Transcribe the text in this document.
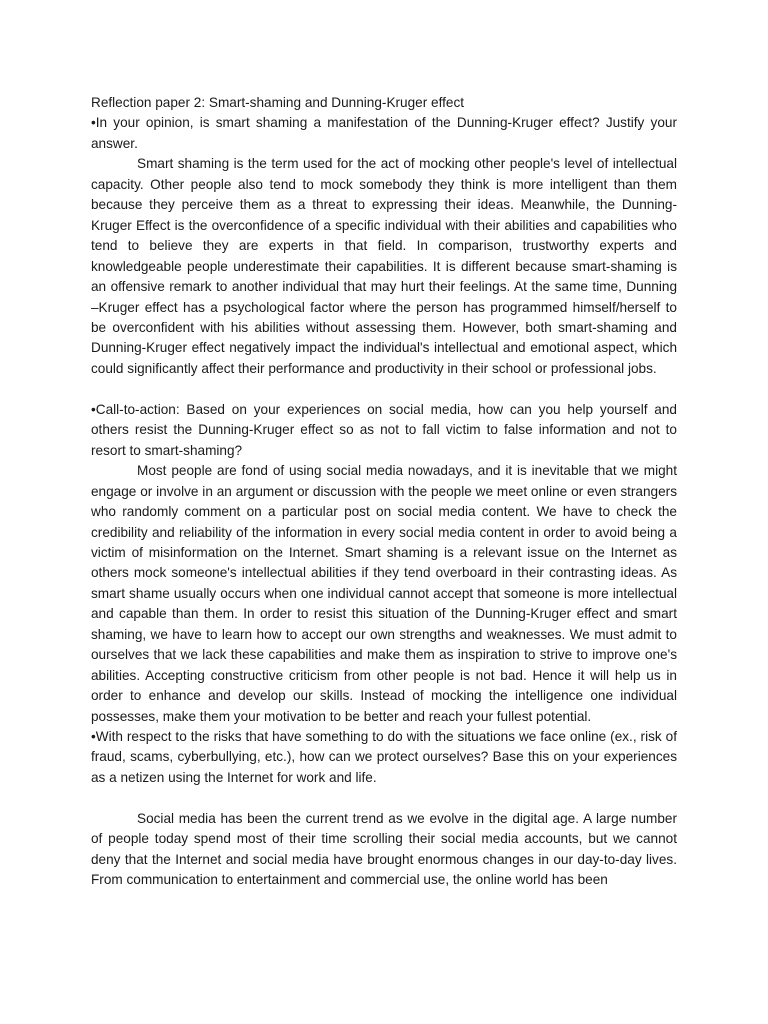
Reflection paper 2: Smart-shaming and Dunning-Kruger effect

•In your opinion, is smart shaming a manifestation of the Dunning-Kruger effect? Justify your answer.

Smart shaming is the term used for the act of mocking other people's level of intellectual capacity. Other people also tend to mock somebody they think is more intelligent than them because they perceive them as a threat to expressing their ideas. Meanwhile, the Dunning-Kruger Effect is the overconfidence of a specific individual with their abilities and capabilities who tend to believe they are experts in that field. In comparison, trustworthy experts and knowledgeable people underestimate their capabilities. It is different because smart-shaming is an offensive remark to another individual that may hurt their feelings. At the same time, Dunning –Kruger effect has a psychological factor where the person has programmed himself/herself to be overconfident with his abilities without assessing them. However, both smart-shaming and Dunning-Kruger effect negatively impact the individual's intellectual and emotional aspect, which could significantly affect their performance and productivity in their school or professional jobs.

•Call-to-action: Based on your experiences on social media, how can you help yourself and others resist the Dunning-Kruger effect so as not to fall victim to false information and not to resort to smart-shaming?

Most people are fond of using social media nowadays, and it is inevitable that we might engage or involve in an argument or discussion with the people we meet online or even strangers who randomly comment on a particular post on social media content. We have to check the credibility and reliability of the information in every social media content in order to avoid being a victim of misinformation on the Internet. Smart shaming is a relevant issue on the Internet as others mock someone's intellectual abilities if they tend overboard in their contrasting ideas. As smart shame usually occurs when one individual cannot accept that someone is more intellectual and capable than them. In order to resist this situation of the Dunning-Kruger effect and smart shaming, we have to learn how to accept our own strengths and weaknesses. We must admit to ourselves that we lack these capabilities and make them as inspiration to strive to improve one's abilities. Accepting constructive criticism from other people is not bad. Hence it will help us in order to enhance and develop our skills. Instead of mocking the intelligence one individual possesses, make them your motivation to be better and reach your fullest potential.

•With respect to the risks that have something to do with the situations we face online (ex., risk of fraud, scams, cyberbullying, etc.), how can we protect ourselves? Base this on your experiences as a netizen using the Internet for work and life.

Social media has been the current trend as we evolve in the digital age. A large number of people today spend most of their time scrolling their social media accounts, but we cannot deny that the Internet and social media have brought enormous changes in our day-to-day lives. From communication to entertainment and commercial use, the online world has been
